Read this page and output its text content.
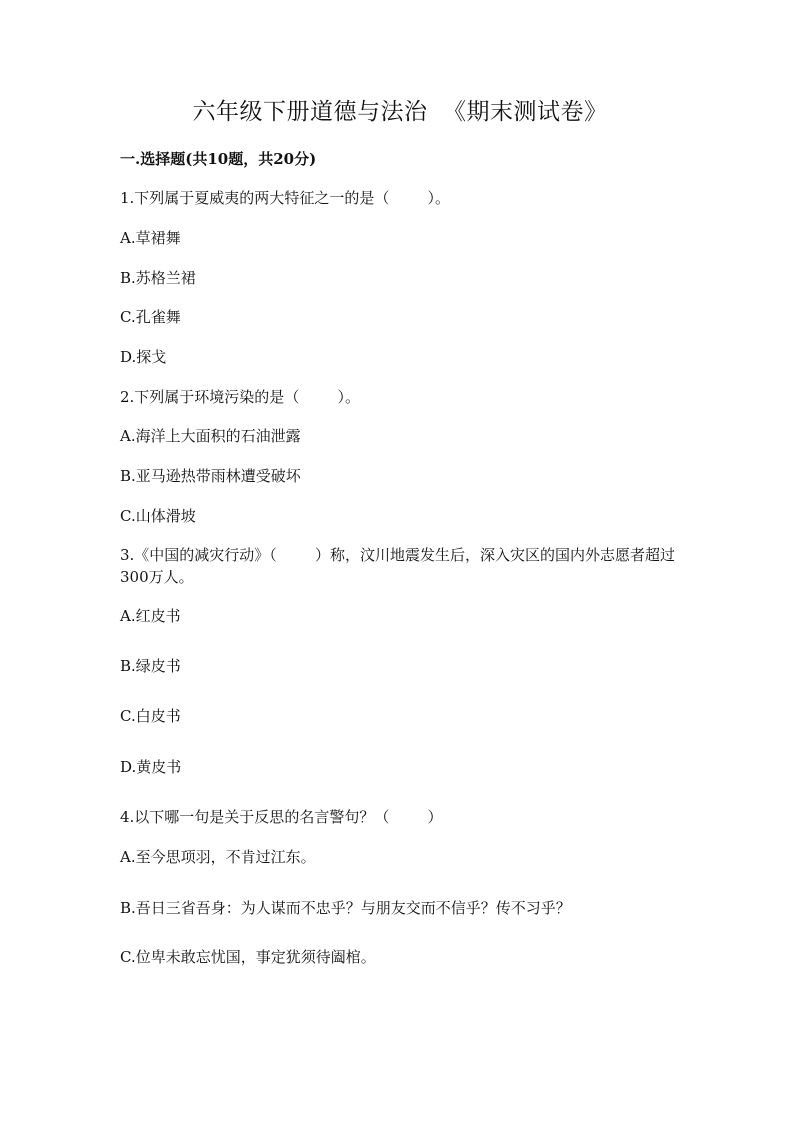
六年级下册道德与法治  《期末测试卷》
一.选择题(共10题，共20分)
1.下列属于夏威夷的两大特征之一的是（        ）。
A.草裙舞
B.苏格兰裙
C.孔雀舞
D.探戈
2.下列属于环境污染的是（        ）。
A.海洋上大面积的石油泄露
B.亚马逊热带雨林遭受破坏
C.山体滑坡
3.《中国的减灾行动》（        ）称，汶川地震发生后，深入灾区的国内外志愿者超过300万人。
A.红皮书
B.绿皮书
C.白皮书
D.黄皮书
4.以下哪一句是关于反思的名言警句？（        ）
A.至今思项羽，不肯过江东。
B.吾日三省吾身：为人谋而不忠乎？与朋友交而不信乎？传不习乎？
C.位卑未敢忘忧国，事定犹须待阖棺。
